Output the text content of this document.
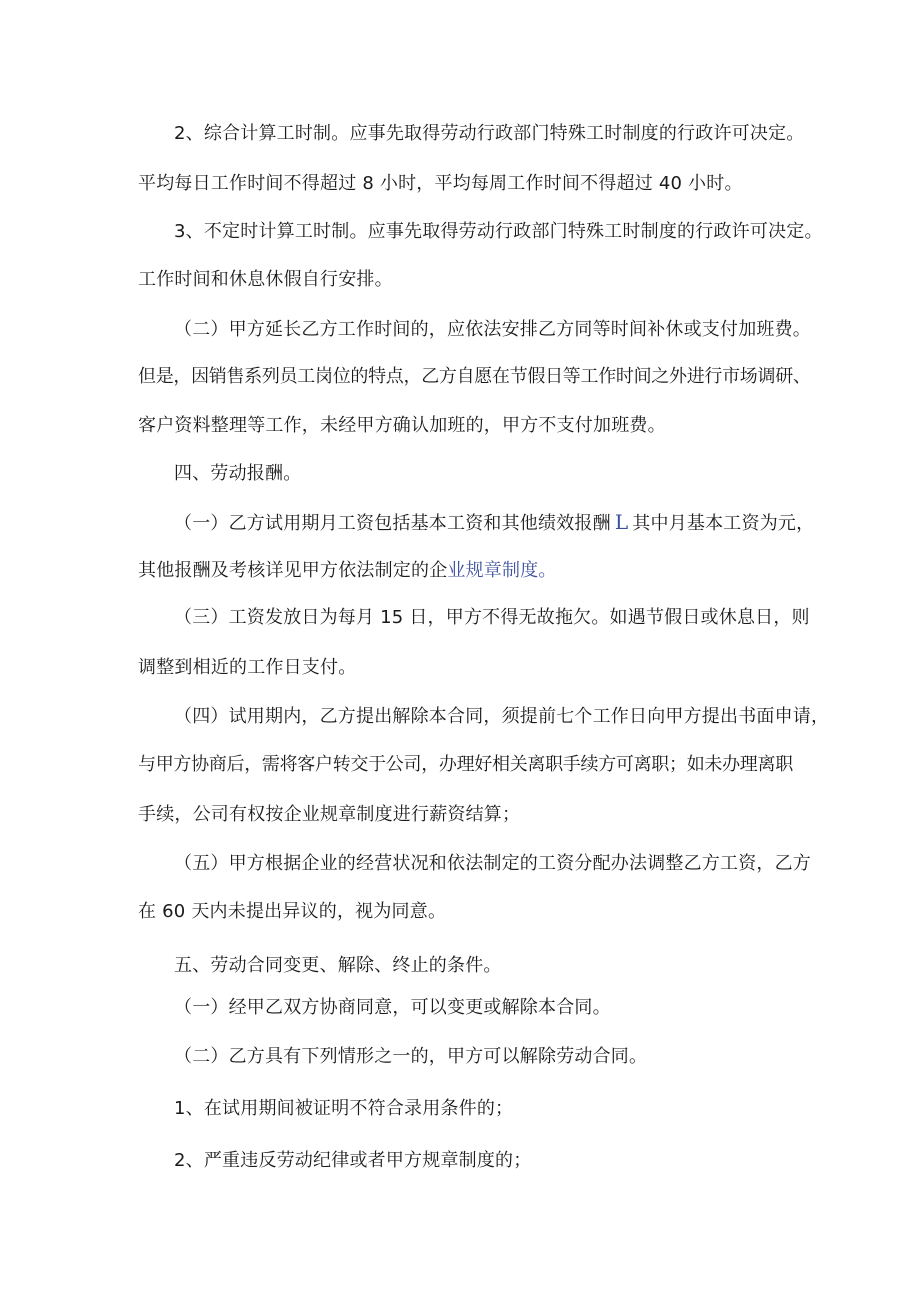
2、综合计算工时制。应事先取得劳动行政部门特殊工时制度的行政许可决定。
平均每日工作时间不得超过 8 小时，平均每周工作时间不得超过 40 小时。
3、不定时计算工时制。应事先取得劳动行政部门特殊工时制度的行政许可决定。
工作时间和休息休假自行安排。
（二）甲方延长乙方工作时间的，应依法安排乙方同等时间补休或支付加班费。
但是，因销售系列员工岗位的特点，乙方自愿在节假日等工作时间之外进行市场调研、
客户资料整理等工作，未经甲方确认加班的，甲方不支付加班费。
四、劳动报酬。
（一）乙方试用期月工资包括基本工资和其他绩效报酬 L 其中月基本工资为元，
其他报酬及考核详见甲方依法制定的企业规章制度。
（三）工资发放日为每月 15 日，甲方不得无故拖欠。如遇节假日或休息日，则
调整到相近的工作日支付。
（四）试用期内，乙方提出解除本合同，须提前七个工作日向甲方提出书面申请，
与甲方协商后，需将客户转交于公司，办理好相关离职手续方可离职；如未办理离职
手续，公司有权按企业规章制度进行薪资结算；
（五）甲方根据企业的经营状况和依法制定的工资分配办法调整乙方工资，乙方
在 60 天内未提出异议的，视为同意。
五、劳动合同变更、解除、终止的条件。
（一）经甲乙双方协商同意，可以变更或解除本合同。
（二）乙方具有下列情形之一的，甲方可以解除劳动合同。
1、在试用期间被证明不符合录用条件的；
2、严重违反劳动纪律或者甲方规章制度的；
